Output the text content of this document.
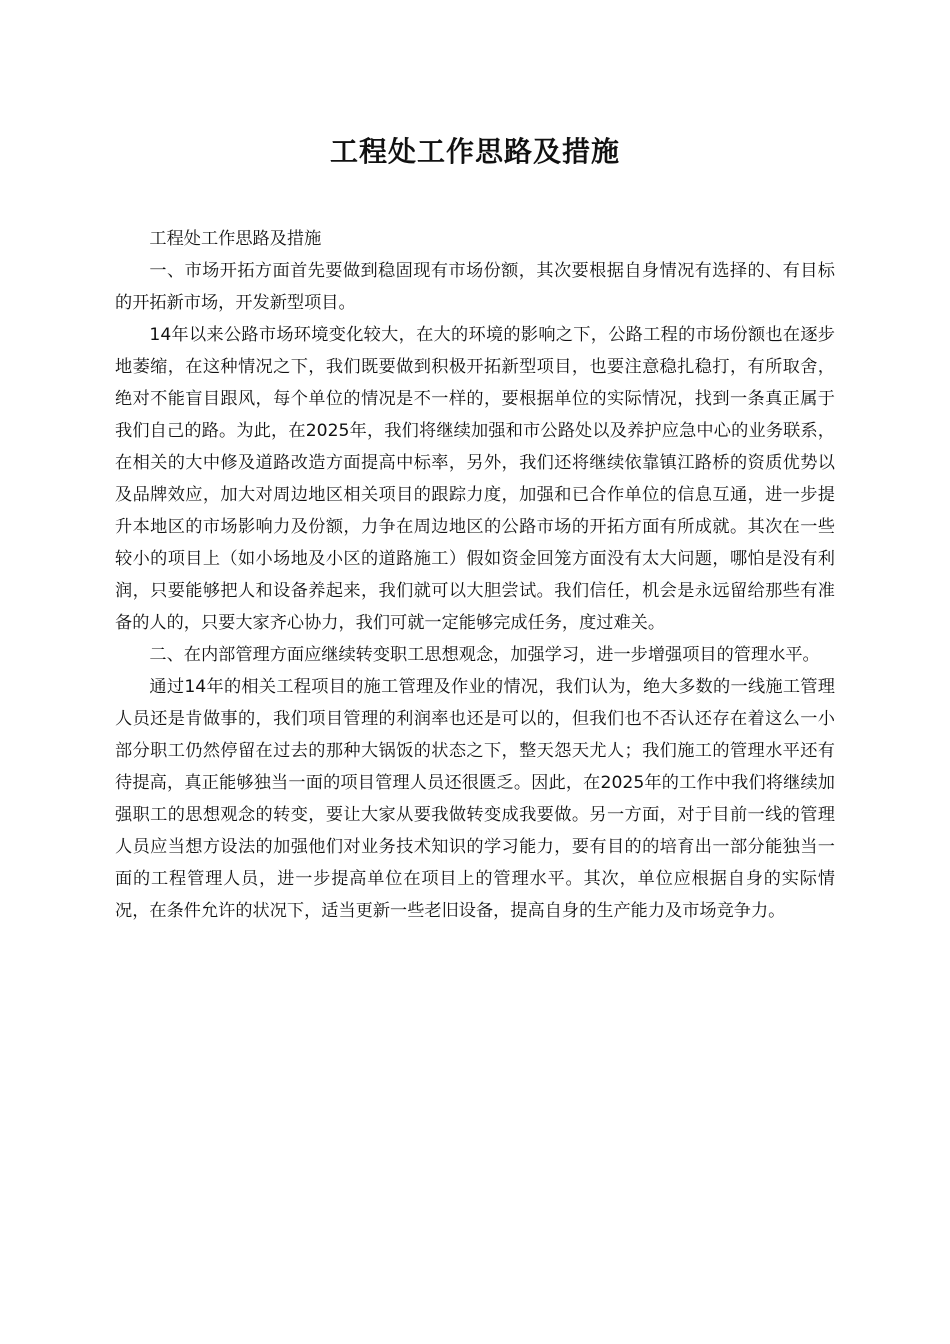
工程处工作思路及措施

工程处工作思路及措施

一、市场开拓方面首先要做到稳固现有市场份额，其次要根据自身情况有选择的、有目标的开拓新市场，开发新型项目。

14年以来公路市场环境变化较大，在大的环境的影响之下，公路工程的市场份额也在逐步地萎缩，在这种情况之下，我们既要做到积极开拓新型项目，也要注意稳扎稳打，有所取舍，绝对不能盲目跟风，每个单位的情况是不一样的，要根据单位的实际情况，找到一条真正属于我们自己的路。为此，在2025年，我们将继续加强和市公路处以及养护应急中心的业务联系，在相关的大中修及道路改造方面提高中标率，另外，我们还将继续依靠镇江路桥的资质优势以及品牌效应，加大对周边地区相关项目的跟踪力度，加强和已合作单位的信息互通，进一步提升本地区的市场影响力及份额，力争在周边地区的公路市场的开拓方面有所成就。其次在一些较小的项目上（如小场地及小区的道路施工）假如资金回笼方面没有太大问题，哪怕是没有利润，只要能够把人和设备养起来，我们就可以大胆尝试。我们信任，机会是永远留给那些有准备的人的，只要大家齐心协力，我们可就一定能够完成任务，度过难关。

二、在内部管理方面应继续转变职工思想观念，加强学习，进一步增强项目的管理水平。

通过14年的相关工程项目的施工管理及作业的情况，我们认为，绝大多数的一线施工管理人员还是肯做事的，我们项目管理的利润率也还是可以的，但我们也不否认还存在着这么一小部分职工仍然停留在过去的那种大锅饭的状态之下，整天怨天尤人；我们施工的管理水平还有待提高，真正能够独当一面的项目管理人员还很匮乏。因此，在2025年的工作中我们将继续加强职工的思想观念的转变，要让大家从要我做转变成我要做。另一方面，对于目前一线的管理人员应当想方设法的加强他们对业务技术知识的学习能力，要有目的的培育出一部分能独当一面的工程管理人员，进一步提高单位在项目上的管理水平。其次，单位应根据自身的实际情况，在条件允许的状况下，适当更新一些老旧设备，提高自身的生产能力及市场竞争力。
